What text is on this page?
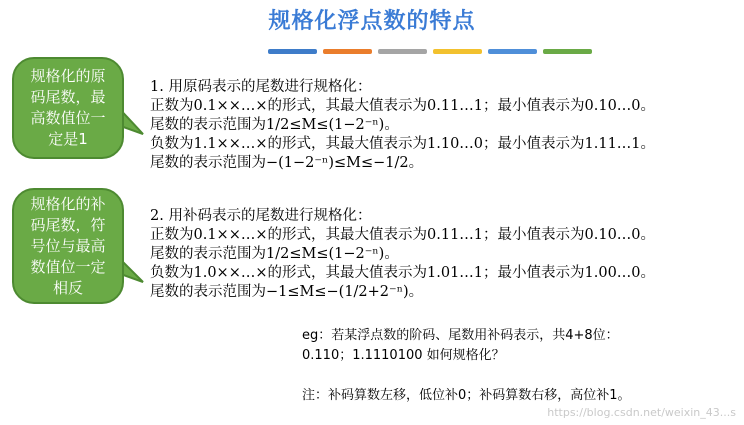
规格化浮点数的特点
规格化的原
码尾数，最
高数值位一
定是1
规格化的补
码尾数，符
号位与最高
数值位一定
相反
1. 用原码表示的尾数进行规格化：
正数为0.1××…×的形式，其最大值表示为0.11…1；最小值表示为0.10…0。
尾数的表示范围为1/2≤M≤(1−2⁻ⁿ)。
负数为1.1××…×的形式，其最大值表示为1.10…0；最小值表示为1.11…1。
尾数的表示范围为−(1−2⁻ⁿ)≤M≤−1/2。
2. 用补码表示的尾数进行规格化：
正数为0.1××…×的形式，其最大值表示为0.11…1；最小值表示为0.10…0。
尾数的表示范围为1/2≤M≤(1−2⁻ⁿ)。
负数为1.0××…×的形式，其最大值表示为1.01…1；最小值表示为1.00…0。
尾数的表示范围为−1≤M≤−(1/2+2⁻ⁿ)。
eg：若某浮点数的阶码、尾数用补码表示，共4+8位：
0.110；1.1110100 如何规格化？
注：补码算数左移，低位补0；补码算数右移，高位补1。
https://blog.csdn.net/weixin_43...s
